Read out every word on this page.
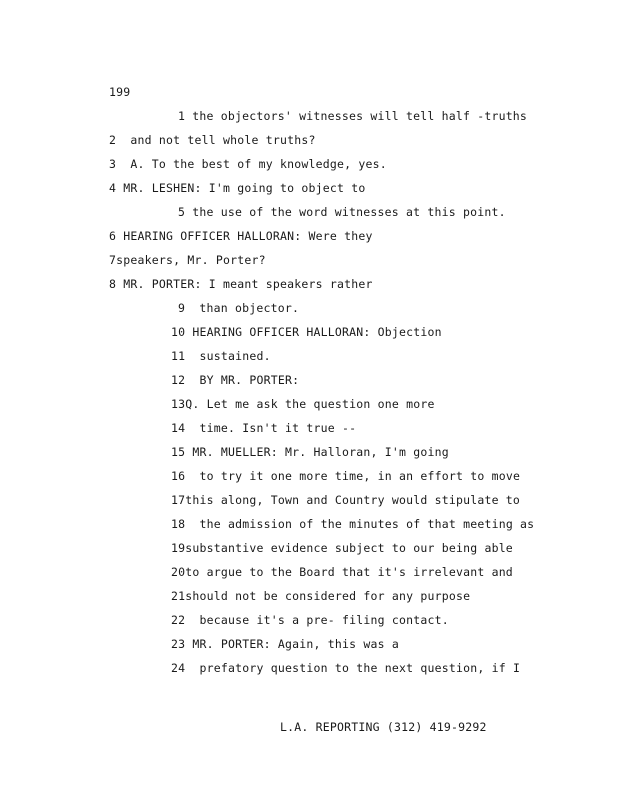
199
1 the objectors' witnesses will tell half -truths
2 and not tell whole truths?
3 A. To the best of my knowledge, yes.
4 MR. LESHEN: I'm going to object to
5 the use of the word witnesses at this point.
6 HEARING OFFICER HALLORAN: Were they
7speakers, Mr. Porter?
8 MR. PORTER: I meant speakers rather
9 than objector.
10 HEARING OFFICER HALLORAN: Objection
11 sustained.
12 BY MR. PORTER:
13Q. Let me ask the question one more
14 time. Isn't it true --
15 MR. MUELLER: Mr. Halloran, I'm going
16 to try it one more time, in an effort to move
17this along, Town and Country would stipulate to
18 the admission of the minutes of that meeting as
19substantive evidence subject to our being able
20to argue to the Board that it's irrelevant and
21should not be considered for any purpose
22 because it's a pre- filing contact.
23 MR. PORTER: Again, this was a
24 prefatory question to the next question, if I
L.A. REPORTING (312) 419-9292
